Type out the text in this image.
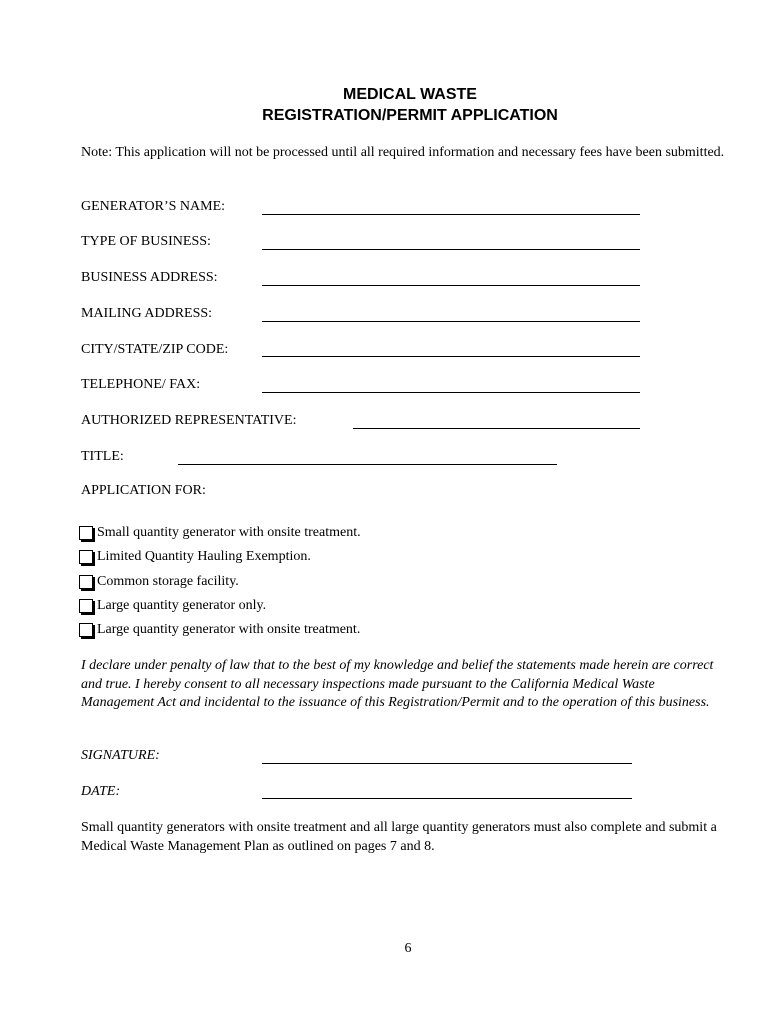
MEDICAL WASTE
REGISTRATION/PERMIT APPLICATION
Note: This application will not be processed until all required information and necessary fees have been submitted.
GENERATOR’S NAME:
TYPE OF BUSINESS:
BUSINESS ADDRESS:
MAILING ADDRESS:
CITY/STATE/ZIP CODE:
TELEPHONE/ FAX:
AUTHORIZED REPRESENTATIVE:
TITLE:
APPLICATION FOR:
Small quantity generator with onsite treatment.
Limited Quantity Hauling Exemption.
Common storage facility.
Large quantity generator only.
Large quantity generator with onsite treatment.
I declare under penalty of law that to the best of my knowledge and belief the statements made herein are correct and true. I hereby consent to all necessary inspections made pursuant to the California Medical Waste Management Act and incidental to the issuance of this Registration/Permit and to the operation of this business.
SIGNATURE:
DATE:
Small quantity generators with onsite treatment and all large quantity generators must also complete and submit a Medical Waste Management Plan as outlined on pages 7 and 8.
6
